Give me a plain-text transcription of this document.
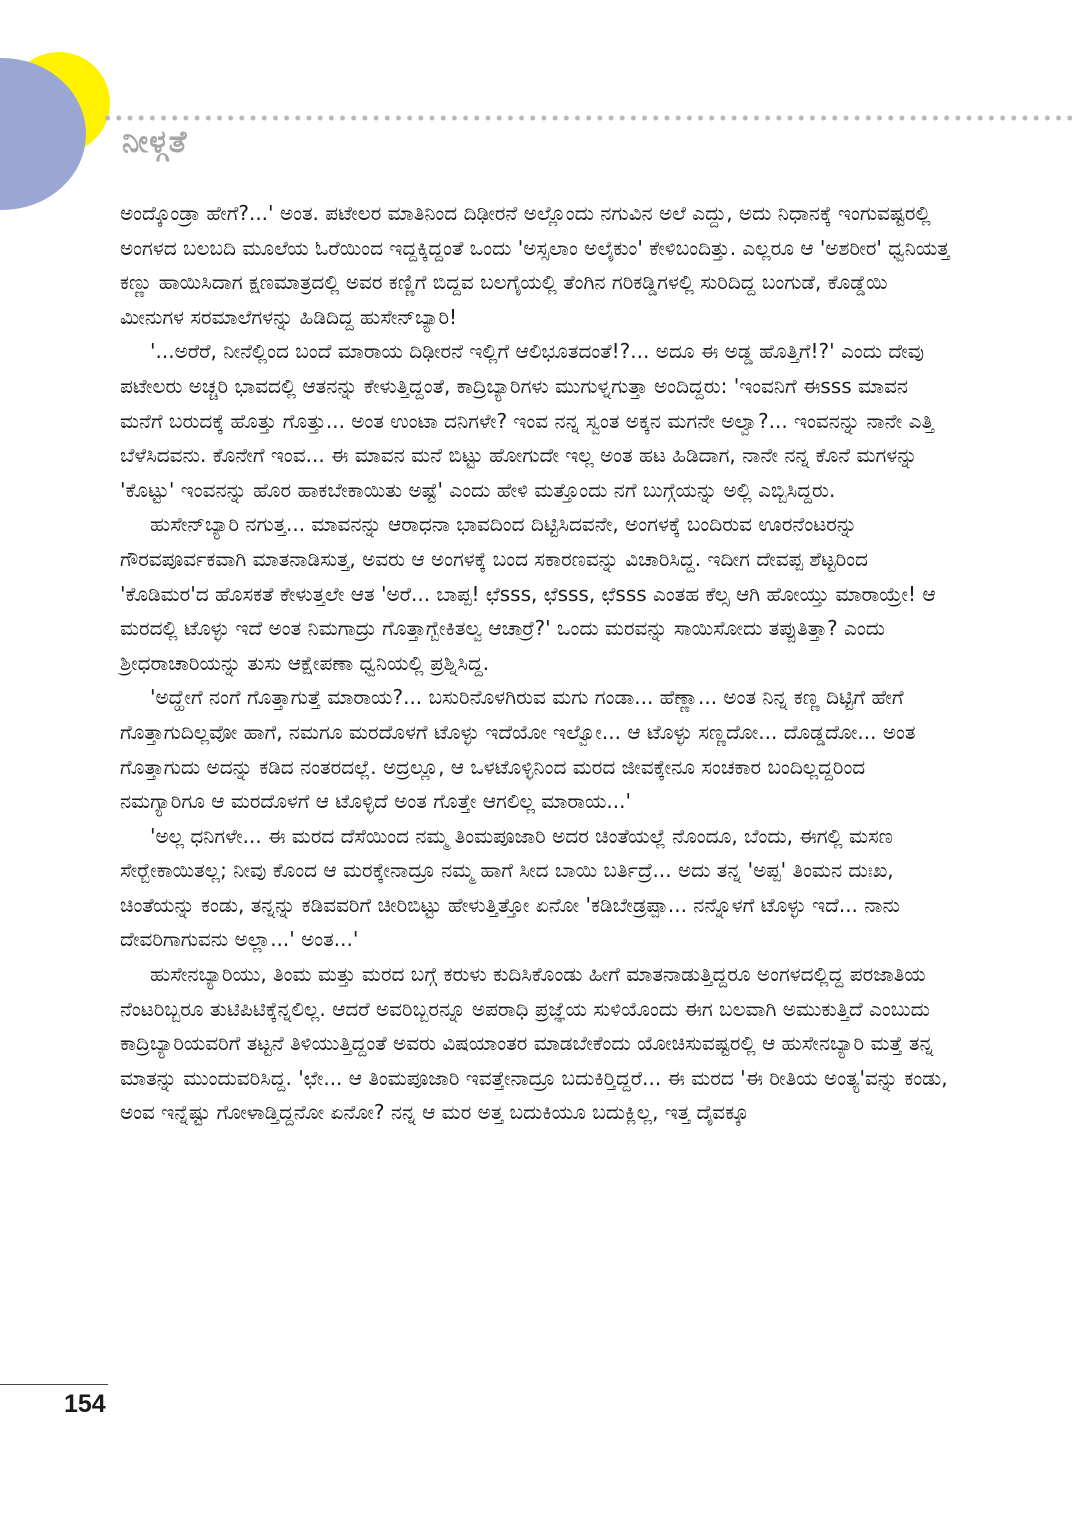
ನೀಳ್ಗತೆ

ಅಂದ್ಕೊಂಡ್ರಾ ಹೇಗೆ?...' ಅಂತ. ಪಟೇಲರ ಮಾತಿನಿಂದ ದಿಢೀರನೆ ಅಲ್ಲೊಂದು ನಗುವಿನ ಅಲೆ ಎದ್ದು, ಅದು ನಿಧಾನಕ್ಕೆ ಇಂಗುವಷ್ಟರಲ್ಲಿ ಅಂಗಳದ ಬಲಬದಿ ಮೂಲೆಯ ಓರೆಯಿಂದ ಇದ್ದಕ್ಕಿದ್ದಂತೆ ಒಂದು 'ಅಸ್ಸಲಾಂ ಅಲೈಕುಂ' ಕೇಳಿಬಂದಿತ್ತು. ಎಲ್ಲರೂ ಆ 'ಅಶರೀರ' ಧ್ವನಿಯತ್ತ ಕಣ್ಣು ಹಾಯಿಸಿದಾಗ ಕ್ಷಣಮಾತ್ರದಲ್ಲಿ ಅವರ ಕಣ್ಣಿಗೆ ಬಿದ್ದವ ಬಲಗೈಯಲ್ಲಿ ತೆಂಗಿನ ಗರಿಕಡ್ಡಿಗಳಲ್ಲಿ ಸುರಿದಿದ್ದ ಬಂಗುಡೆ, ಕೊಡ್ಡೆಯಿ ಮೀನುಗಳ ಸರಮಾಲೆಗಳನ್ನು ಹಿಡಿದಿದ್ದ ಹುಸೇನ್‌ಬ್ಯಾರಿ!

'...ಅರೆರೆ, ನೀನೆಲ್ಲಿಂದ ಬಂದೆ ಮಾರಾಯ ದಿಢೀರನೆ ಇಲ್ಲಿಗೆ ಆಲಿಭೂತದಂತೆ!?... ಅದೂ ಈ ಅಡ್ಡ ಹೊತ್ತಿಗೆ!?' ಎಂದು ದೇವು ಪಟೇಲರು ಅಚ್ಚರಿ ಭಾವದಲ್ಲಿ ಆತನನ್ನು ಕೇಳುತ್ತಿದ್ದಂತೆ, ಕಾದ್ರಿಬ್ಯಾರಿಗಳು ಮುಗುಳ್ನಗುತ್ತಾ ಅಂದಿದ್ದರು: 'ಇಂವನಿಗೆ ಈsss ಮಾವನ ಮನೆಗೆ ಬರುದಕ್ಕೆ ಹೊತ್ತು ಗೊತ್ತು... ಅಂತ ಉಂಟಾ ದನಿಗಳೇ? ಇಂವ ನನ್ನ ಸ್ವಂತ ಅಕ್ಕನ ಮಗನೇ ಅಲ್ವಾ?... ಇಂವನನ್ನು ನಾನೇ ಎತ್ತಿ ಬೆಳೆಸಿದವನು. ಕೊನೇಗೆ ಇಂವ... ಈ ಮಾವನ ಮನೆ ಬಿಟ್ಟು ಹೋಗುದೇ ಇಲ್ಲ ಅಂತ ಹಟ ಹಿಡಿದಾಗ, ನಾನೇ ನನ್ನ ಕೊನೆ ಮಗಳನ್ನು 'ಕೊಟ್ಟು' ಇಂವನನ್ನು ಹೊರ ಹಾಕಬೇಕಾಯಿತು ಅಷ್ಟೆ' ಎಂದು ಹೇಳಿ ಮತ್ತೊಂದು ನಗೆ ಬುಗ್ಗೆಯನ್ನು ಅಲ್ಲಿ ಎಬ್ಬಿಸಿದ್ದರು.

ಹುಸೇನ್‌ಬ್ಯಾರಿ ನಗುತ್ತ... ಮಾವನನ್ನು ಆರಾಧನಾ ಭಾವದಿಂದ ದಿಟ್ಟಿಸಿದವನೇ, ಅಂಗಳಕ್ಕೆ ಬಂದಿರುವ ಊರನೆಂಟರನ್ನು ಗೌರವಪೂರ್ವಕವಾಗಿ ಮಾತನಾಡಿಸುತ್ತ, ಅವರು ಆ ಅಂಗಳಕ್ಕೆ ಬಂದ ಸಕಾರಣವನ್ನು ವಿಚಾರಿಸಿದ್ದ. ಇದೀಗ ದೇವಪ್ಪ ಶೆಟ್ಟರಿಂದ 'ಕೊಡಿಮರ'ದ ಹೊಸಕತೆ ಕೇಳುತ್ತಲೇ ಆತ 'ಅರೆ... ಬಾಪ್ಪ! ಛೆsss, ಛೆsss, ಛೆsss ಎಂತಹ ಕೆಲ್ಸ ಆಗಿ ಹೋಯ್ತು ಮಾರಾಯ್ರೇ! ಆ ಮರದಲ್ಲಿ ಟೊಳ್ಳು ಇದೆ ಅಂತ ನಿಮಗಾದ್ರು ಗೊತ್ತಾಗ್ಬೇಕಿತಲ್ವ ಆಚಾರ್‍ರೆ?' ಒಂದು ಮರವನ್ನು ಸಾಯಿಸೋದು ತಪ್ಪುತಿತ್ತಾ? ಎಂದು ಶ್ರೀಧರಾಚಾರಿಯನ್ನು ತುಸು ಆಕ್ಷೇಪಣಾ ಧ್ವನಿಯಲ್ಲಿ ಪ್ರಶ್ನಿಸಿದ್ದ.

'ಅದ್ಹೇಗೆ ನಂಗೆ ಗೊತ್ತಾಗುತ್ತೆ ಮಾರಾಯ?... ಬಸುರಿನೊಳಗಿರುವ ಮಗು ಗಂಡಾ... ಹೆಣ್ಣಾ... ಅಂತ ನಿನ್ನ ಕಣ್ಣ ದಿಟ್ಟಿಗೆ ಹೇಗೆ ಗೊತ್ತಾಗುದಿಲ್ಲವೋ ಹಾಗೆ, ನಮಗೂ ಮರದೊಳಗೆ ಟೊಳ್ಳು ಇದೆಯೋ ಇಲ್ವೋ... ಆ ಟೊಳ್ಳು ಸಣ್ಣದೋ... ದೊಡ್ಡದೋ... ಅಂತ ಗೊತ್ತಾಗುದು ಅದನ್ನು ಕಡಿದ ನಂತರದಲ್ಲೆ. ಅದ್ರಲ್ಲೂ, ಆ ಒಳಟೊಳ್ಳಿನಿಂದ ಮರದ ಜೀವಕ್ಕೇನೂ ಸಂಚಕಾರ ಬಂದಿಲ್ಲದ್ದರಿಂದ ನಮಗ್ಯಾರಿಗೂ ಆ ಮರದೊಳಗೆ ಆ ಟೊಳ್ಳಿದೆ ಅಂತ ಗೊತ್ತೇ ಆಗಲಿಲ್ಲ ಮಾರಾಯ...'

'ಅಲ್ಲ ಧನಿಗಳೇ... ಈ ಮರದ ದೆಸೆಯಿಂದ ನಮ್ಮ ತಿಂಮಪೂಜಾರಿ ಅದರ ಚಿಂತೆಯಲ್ಲೆ ನೊಂದೂ, ಬೆಂದು, ಈಗಲ್ಲಿ ಮಸಣ ಸೇರ್‍ಬೇಕಾಯಿತಲ್ಲ; ನೀವು ಕೊಂದ ಆ ಮರಕ್ಕೇನಾದ್ರೂ ನಮ್ಮ ಹಾಗೆ ಸೀದ ಬಾಯಿ ಬರ್ತಿದ್ರೆ... ಅದು ತನ್ನ 'ಅಪ್ಪ' ತಿಂಮನ ದುಃಖ, ಚಿಂತೆಯನ್ನು ಕಂಡು, ತನ್ನನ್ನು ಕಡಿವವರಿಗೆ ಚೀರಿಬಿಟ್ಟು ಹೇಳುತ್ತಿತ್ತೋ ಏನೋ 'ಕಡಿಬೇಡ್ರಪ್ಪಾ... ನನ್ನೊಳಗೆ ಟೊಳ್ಳು ಇದೆ... ನಾನು ದೇವರಿಗಾಗುವನು ಅಲ್ಲಾ...' ಅಂತ...'

ಹುಸೇನಬ್ಯಾರಿಯು, ತಿಂಮ ಮತ್ತು ಮರದ ಬಗ್ಗೆ ಕರುಳು ಕುದಿಸಿಕೊಂಡು ಹೀಗೆ ಮಾತನಾಡುತ್ತಿದ್ದರೂ ಅಂಗಳದಲ್ಲಿದ್ದ ಪರಜಾತಿಯ ನೆಂಟರಿಬ್ಬರೂ ತುಟಿಪಿಟಿಕ್ಕೆನ್ನಲಿಲ್ಲ. ಆದರೆ ಅವರಿಬ್ಬರನ್ನೂ ಅಪರಾಧಿ ಪ್ರಜ್ಞೆಯ ಸುಳಿಯೊಂದು ಈಗ ಬಲವಾಗಿ ಅಮುಕುತ್ತಿದೆ ಎಂಬುದು ಕಾದ್ರಿಬ್ಯಾರಿಯವರಿಗೆ ತಟ್ಟನೆ ತಿಳಿಯುತ್ತಿದ್ದಂತೆ ಅವರು ವಿಷಯಾಂತರ ಮಾಡಬೇಕೆಂದು ಯೋಚಿಸುವಷ್ಟರಲ್ಲಿ ಆ ಹುಸೇನಬ್ಯಾರಿ ಮತ್ತೆ ತನ್ನ ಮಾತನ್ನು ಮುಂದುವರಿಸಿದ್ದ. 'ಛೇ... ಆ ತಿಂಮಪೂಜಾರಿ ಇವತ್ತೇನಾದ್ರೂ ಬದುಕಿರ್‍ತಿದ್ದರೆ... ಈ ಮರದ 'ಈ ರೀತಿಯ ಅಂತ್ಯ'ವನ್ನು ಕಂಡು, ಅಂವ ಇನ್ನೆಷ್ಟು ಗೋಳಾಡ್ತಿದ್ದನೋ ಏನೋ? ನನ್ನ ಆ ಮರ ಅತ್ತ ಬದುಕಿಯೂ ಬದುಕ್ಲಿಲ್ಲ, ಇತ್ತ ದೈವಕ್ಕೂ

154
